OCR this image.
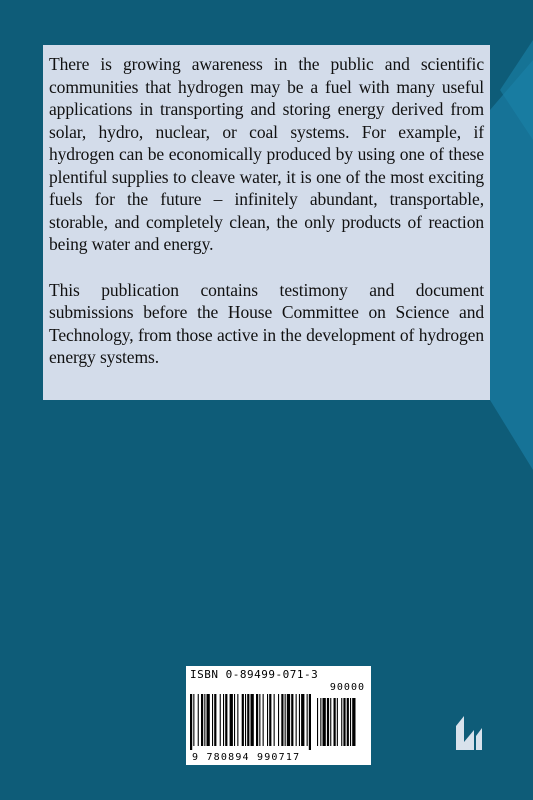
There is growing awareness in the public and scientific communities that hydrogen may be a fuel with many useful applications in transporting and storing energy derived from solar, hydro, nuclear, or coal systems. For example, if hydrogen can be economically produced by using one of these plentiful supplies to cleave water, it is one of the most exciting fuels for the future – infinitely abundant, transportable, storable, and completely clean, the only products of reaction being water and energy.

This publication contains testimony and document submissions before the House Committee on Science and Technology, from those active in the development of hydrogen energy systems.

ISBN 0-89499-071-3
90000
9 780894 990717
